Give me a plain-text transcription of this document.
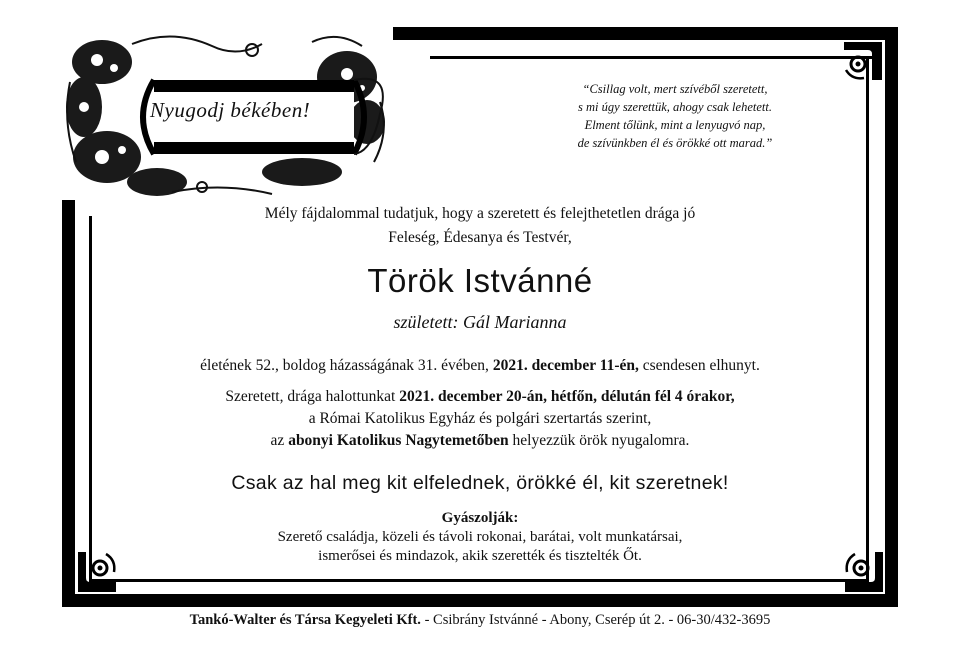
Nyugodj békében!
“Csillag volt, mert szívéből szeretett,
s mi úgy szerettük, ahogy csak lehetett.
Elment tőlünk, mint a lenyugvó nap,
de szívünkben él és örökké ott marad.”
Mély fájdalommal tudatjuk, hogy a szeretett és felejthetetlen drága jó
Feleség, Édesanya és Testvér,
Török Istvánné
született: Gál Marianna
életének 52., boldog házasságának 31. évében, 2021. december 11-én, csendesen elhunyt.
Szeretett, drága halottunkat 2021. december 20-án, hétfőn, délután fél 4 órakor,
a Római Katolikus Egyház és polgári szertartás szerint,
az abonyi Katolikus Nagytemetőben helyezzük örök nyugalomra.
Csak az hal meg kit elfelednek, örökké él, kit szeretnek!
Gyászolják:
Szerető családja, közeli és távoli rokonai, barátai, volt munkatársai,
ismerősei és mindazok, akik szerették és tisztelték Őt.
Tankó-Walter és Társa Kegyeleti Kft. - Csibrány Istvánné - Abony, Cserép út 2. - 06-30/432-3695
